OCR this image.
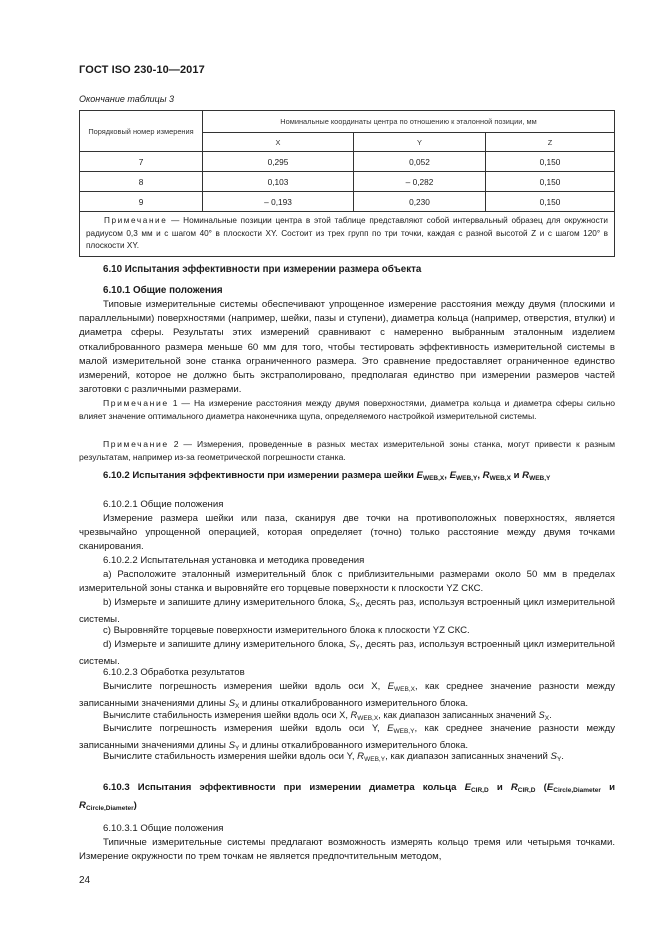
ГОСТ ISO 230-10—2017
Окончание таблицы 3
Порядковый номер измерения	Номинальные координаты центра по отношению к эталонной позиции, мм		
	X	Y	Z
7	0,295	0,052	0,150
8	0,103	– 0,282	0,150
9	– 0,193	0,230	0,150
Примечание — Номинальные позиции центра в этой таблице представляют собой интервальный образец для окружности радиусом 0,3 мм и с шагом 40° в плоскости XY. Состоит из трех групп по три точки, каждая с разной высотой Z и с шагом 120° в плоскости XY.			
6.10 Испытания эффективности при измерении размера объекта
6.10.1 Общие положения
Типовые измерительные системы обеспечивают упрощенное измерение расстояния между двумя (плоскими и параллельными) поверхностями (например, шейки, пазы и ступени), диаметра кольца (например, отверстия, втулки) и диаметра сферы. Результаты этих измерений сравнивают с намеренно выбранным эталонным изделием откалиброванного размера меньше 60 мм для того, чтобы тестировать эффективность измерительной системы в малой измерительной зоне станка ограниченного размера. Это сравнение предоставляет ограниченное единство измерений, которое не должно быть экстраполировано, предполагая единство при измерении размеров частей заготовки с различными размерами.
Примечание 1 — На измерение расстояния между двумя поверхностями, диаметра кольца и диаметра сферы сильно влияет значение оптимального диаметра наконечника щупа, определяемого настройкой измерительной системы.
Примечание 2 — Измерения, проведенные в разных местах измерительной зоны станка, могут привести к разным результатам, например из-за геометрической погрешности станка.
6.10.2 Испытания эффективности при измерении размера шейки $E_{WEB,X}$, $E_{WEB,Y}$, $R_{WEB,X}$ и $R_{WEB,Y}$
6.10.2.1 Общие положения
Измерение размера шейки или паза, сканируя две точки на противоположных поверхностях, является чрезвычайно упрощенной операцией, которая определяет (точно) только расстояние между двумя точками сканирования.
6.10.2.2 Испытательная установка и методика проведения
a) Расположите эталонный измерительный блок с приблизительными размерами около 50 мм в пределах измерительной зоны станка и выровняйте его торцевые поверхности к плоскости YZ СКС.
b) Измерьте и запишите длину измерительного блока, $S_X$, десять раз, используя встроенный цикл измерительной системы.
c) Выровняйте торцевые поверхности измерительного блока к плоскости YZ СКС.
d) Измерьте и запишите длину измерительного блока, $S_Y$, десять раз, используя встроенный цикл измерительной системы.
6.10.2.3 Обработка результатов
Вычислите погрешность измерения шейки вдоль оси X, $E_{WEB,X}$, как среднее значение разности между записанными значениями длины $S_X$ и длины откалиброванного измерительного блока.
Вычислите стабильность измерения шейки вдоль оси X, $R_{WEB,X}$, как диапазон записанных значений $S_X$.
Вычислите погрешность измерения шейки вдоль оси Y, $E_{WEB,Y}$, как среднее значение разности между записанными значениями длины $S_Y$ и длины откалиброванного измерительного блока.
Вычислите стабильность измерения шейки вдоль оси Y, $R_{WEB,Y}$, как диапазон записанных значений $S_Y$.
6.10.3 Испытания эффективности при измерении диаметра кольца $E_{CIR,D}$ и $R_{CIR,D}$ ($E_{Circle,Diameter}$ и $R_{Circle,Diameter}$)
6.10.3.1 Общие положения
Типичные измерительные системы предлагают возможность измерять кольцо тремя или четырьмя точками. Измерение окружности по трем точкам не является предпочтительным методом,
24
